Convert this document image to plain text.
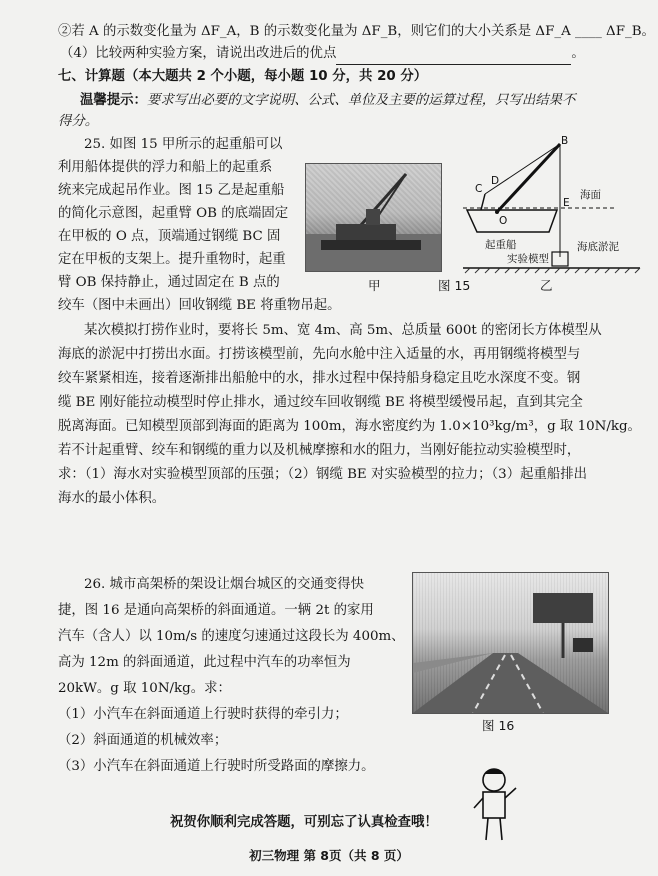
②若 A 的示数变化量为 ΔF_A，B 的示数变化量为 ΔF_B，则它们的大小关系是 ΔF_A ____ ΔF_B。
（4）比较两种实验方案，请说出改进后的优点	。
七、计算题（本大题共 2 个小题，每小题 10 分，共 20 分）
温馨提示：要求写出必要的文字说明、公式、单位及主要的运算过程，只写出结果不
得分。
25. 如图 15 甲所示的起重船可以
利用船体提供的浮力和船上的起重系
统来完成起吊作业。图 15 乙是起重船
的简化示意图，起重臂 OB 的底端固定
在甲板的 O 点，顶端通过钢缆 BC 固
定在甲板的支架上。提升重物时，起重
臂 OB 保持静止，通过固定在 B 点的
绞车（图中未画出）回收钢缆 BE 将重物吊起。
B
C
D
O
E
海面
起重船
实验模型
海底淤泥
甲	图 15	乙
某次模拟打捞作业时，要将长 5m、宽 4m、高 5m、总质量 600t 的密闭长方体模型从
海底的淤泥中打捞出水面。打捞该模型前，先向水舱中注入适量的水，再用钢缆将模型与
绞车紧紧相连，接着逐渐排出船舱中的水，排水过程中保持船身稳定且吃水深度不变。钢
缆 BE 刚好能拉动模型时停止排水，通过绞车回收钢缆 BE 将模型缓慢吊起，直到其完全
脱离海面。已知模型顶部到海面的距离为 100m，海水密度约为 1.0×10³kg/m³，g 取 10N/kg。
若不计起重臂、绞车和钢缆的重力以及机械摩擦和水的阻力，当刚好能拉动实验模型时，
求：（1）海水对实验模型顶部的压强；（2）钢缆 BE 对实验模型的拉力；（3）起重船排出
海水的最小体积。
26. 城市高架桥的架设让烟台城区的交通变得快
捷，图 16 是通向高架桥的斜面通道。一辆 2t 的家用
汽车（含人）以 10m/s 的速度匀速通过这段长为 400m、
高为 12m 的斜面通道，此过程中汽车的功率恒为
20kW。g 取 10N/kg。求：
（1）小汽车在斜面通道上行驶时获得的牵引力；
（2）斜面通道的机械效率；
（3）小汽车在斜面通道上行驶时所受路面的摩擦力。
图 16
祝贺你顺利完成答题，可别忘了认真检查哦！
初三物理 第 8页（共 8 页）
